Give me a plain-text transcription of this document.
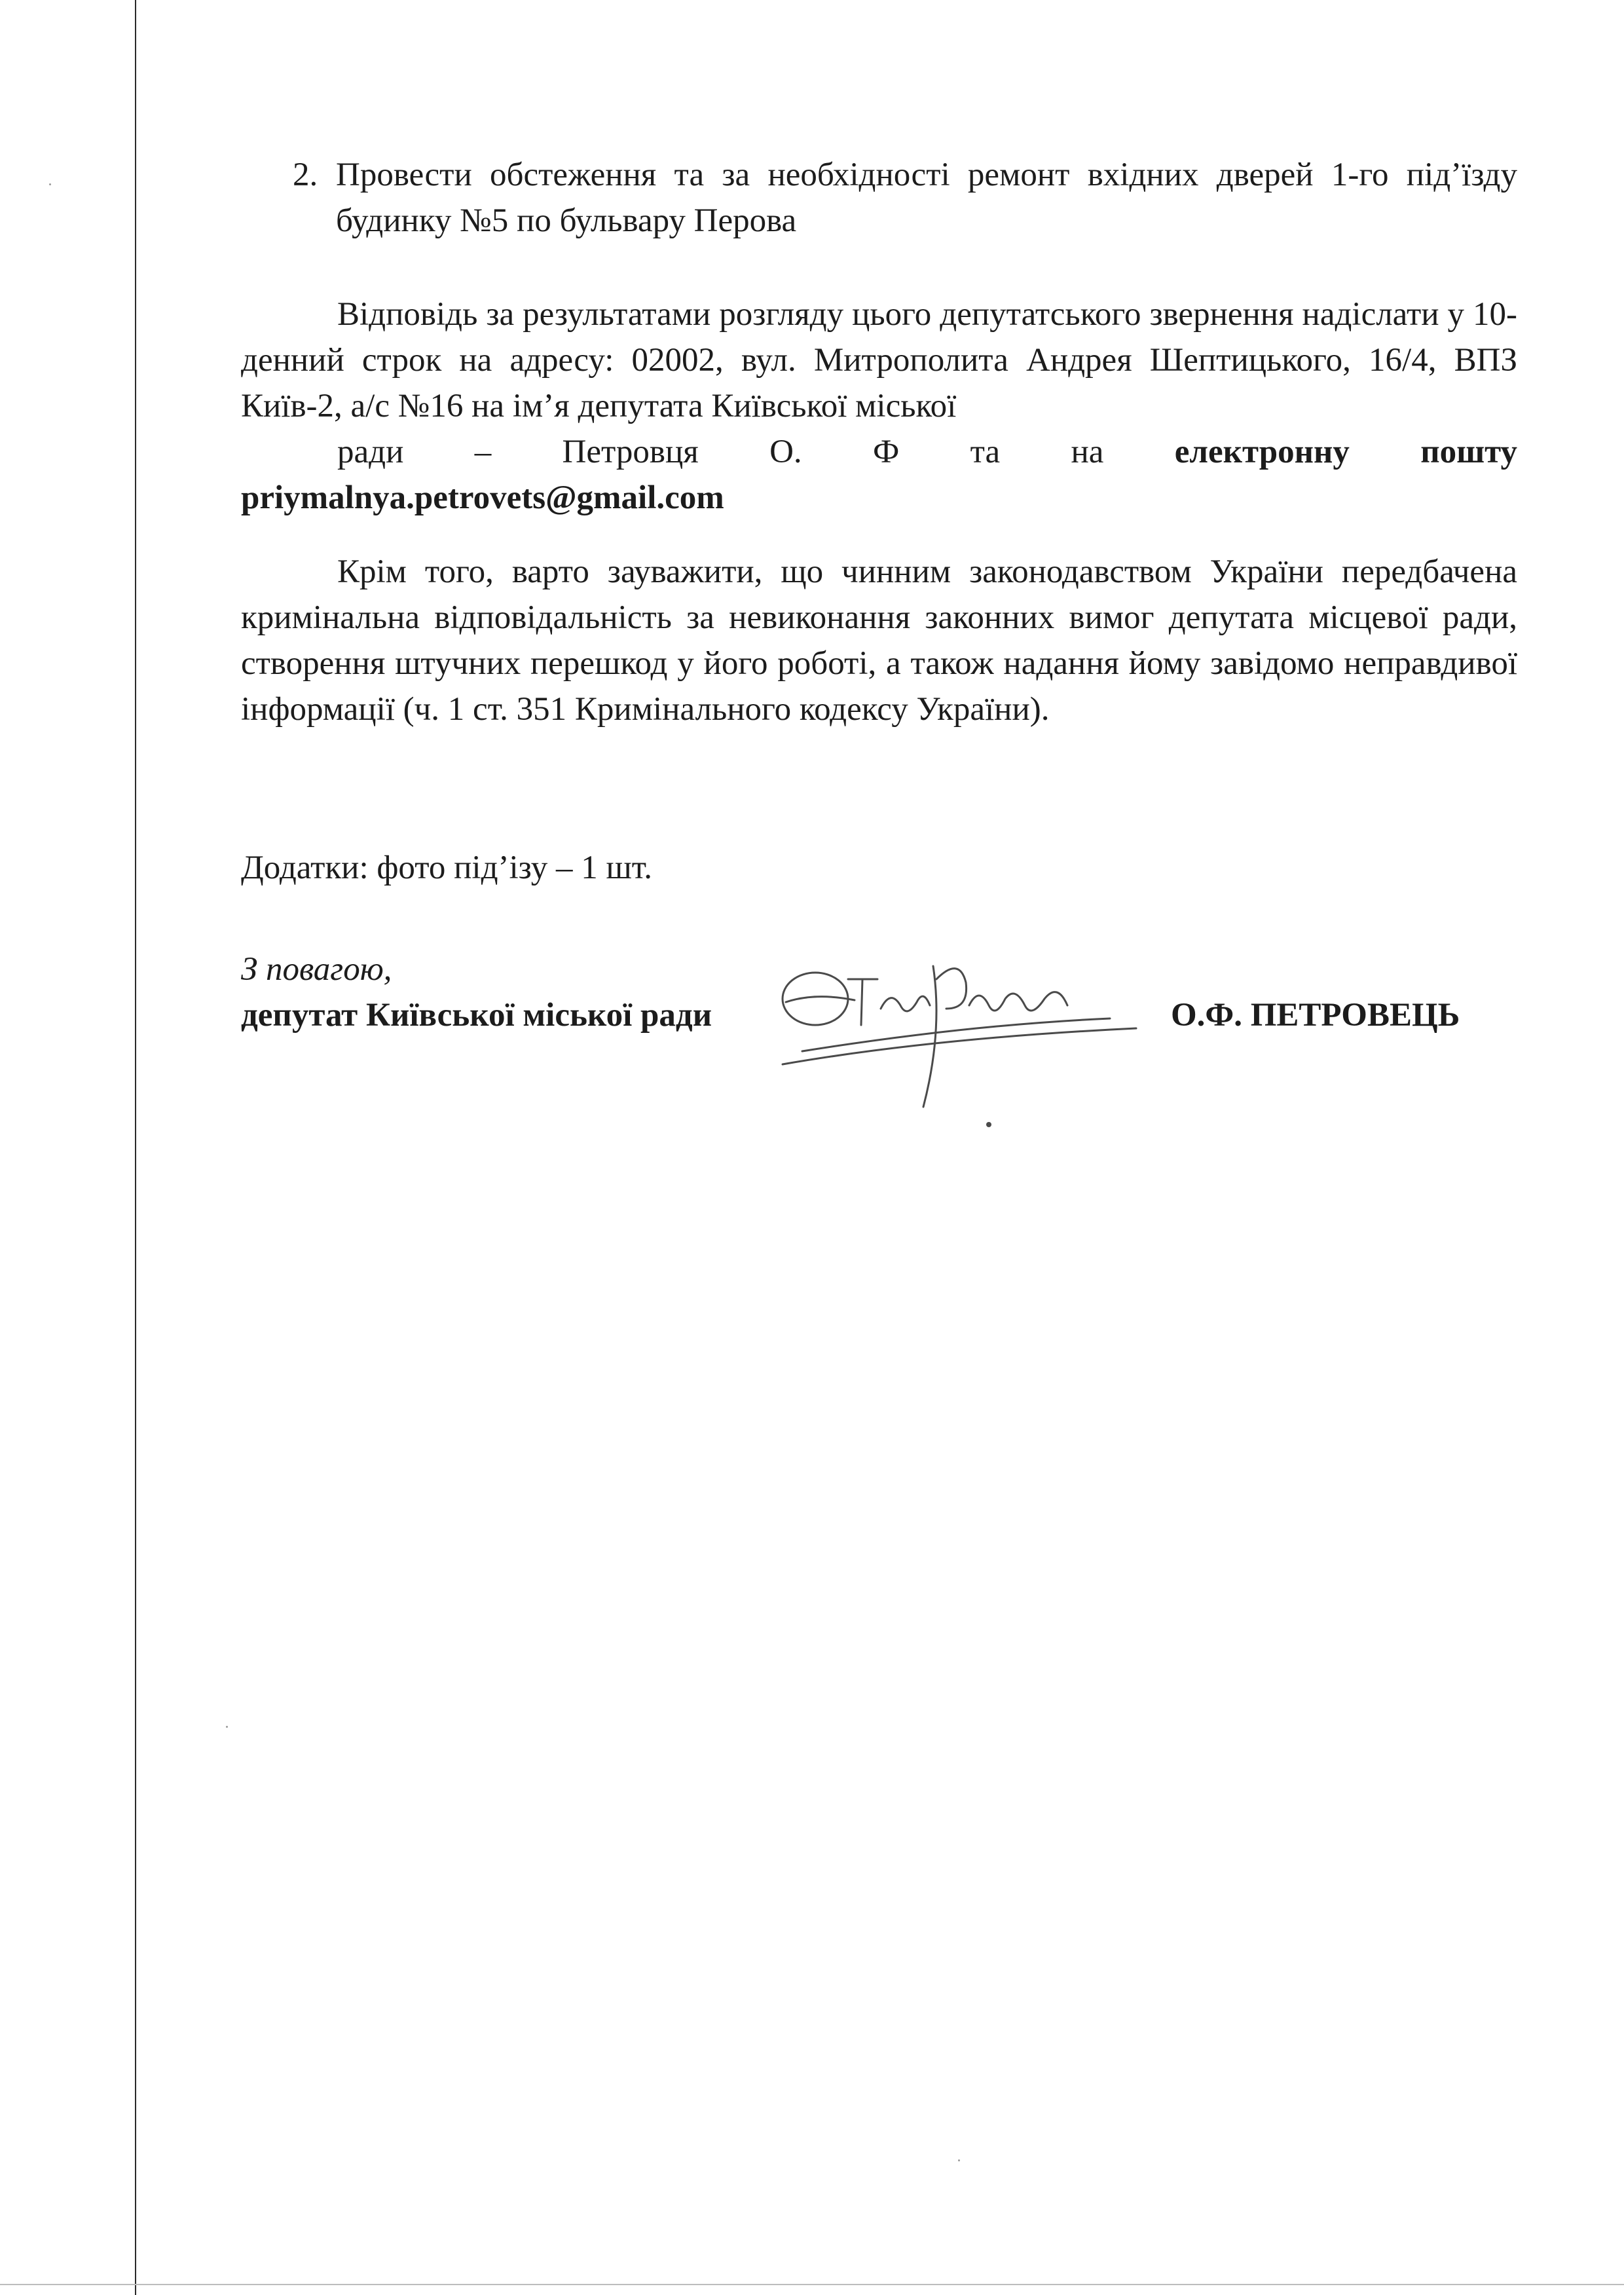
2. Провести обстеження та за необхідності ремонт вхідних дверей 1-го під’їзду будинку №5 по бульвару Перова
Відповідь за результатами розгляду цього депутатського звернення надіслати у 10-денний строк на адресу: 02002, вул. Митрополита Андрея Шептицького, 16/4, ВПЗ Київ-2, а/с №16 на ім’я депутата Київської міської
ради – Петровця О. Ф та на електронну пошту
priymalnya.petrovets@gmail.com
Крім того, варто зауважити, що чинним законодавством України передбачена кримінальна відповідальність за невиконання законних вимог депутата місцевої ради, створення штучних перешкод у його роботі, а також надання йому завідомо неправдивої інформації (ч. 1 ст. 351 Кримінального кодексу України).
Додатки: фото під’ізу – 1 шт.
З повагою,
депутат Київської міської ради	О.Ф. ПЕТРОВЕЦЬ
